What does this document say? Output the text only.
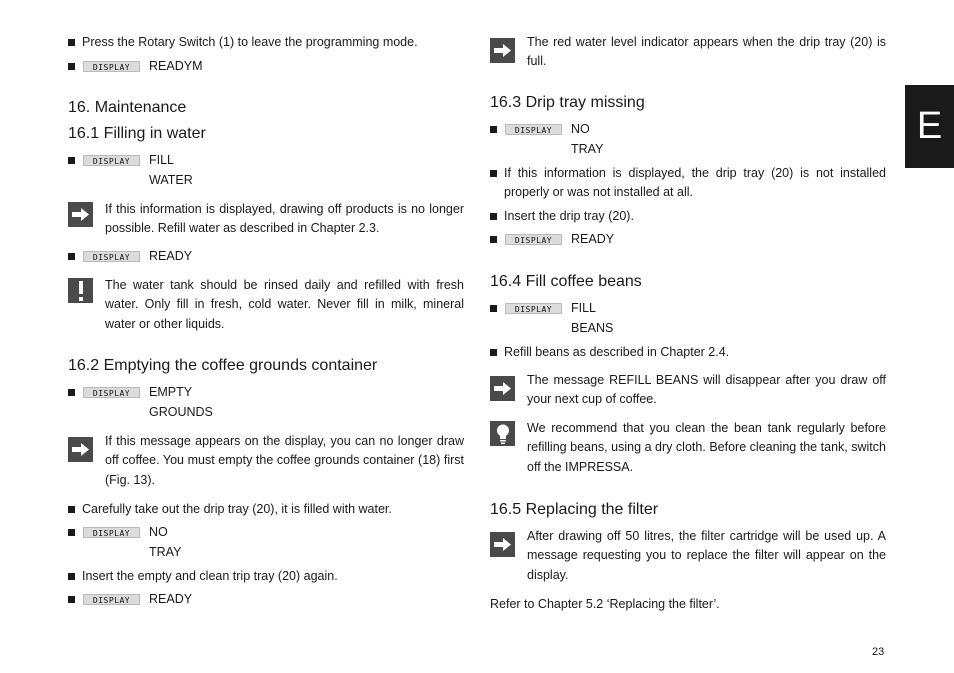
Press the Rotary Switch (1) to leave the programming mode.
DISPLAY	READYM
16. Maintenance
16.1 Filling in water
DISPLAY	FILL
WATER
If this information is displayed, drawing off products is no longer possible. Refill water as described in Chapter 2.3.
DISPLAY	READY
The water tank should be rinsed daily and refilled with fresh water. Only fill in fresh, cold water. Never fill in milk, mineral water or other liquids.
16.2 Emptying the coffee grounds container
DISPLAY	EMPTY
GROUNDS
If this message appears on the display, you can no longer draw off coffee. You must empty the coffee grounds container (18) first (Fig. 13).
Carefully take out the drip tray (20), it is filled with water.
DISPLAY	NO
TRAY
Insert the empty and clean trip tray (20) again.
DISPLAY	READY
The red water level indicator appears when the drip tray (20) is full.
16.3 Drip tray missing
DISPLAY	NO
TRAY
If this information is displayed, the drip tray (20) is not installed properly or was not installed at all.
Insert the drip tray (20).
DISPLAY	READY
16.4 Fill coffee beans
DISPLAY	FILL
BEANS
Refill beans as described in Chapter 2.4.
The message REFILL BEANS will disappear after you draw off your next cup of coffee.
We recommend that you clean the bean tank regularly before refilling beans, using a dry cloth. Before cleaning the tank, switch off the IMPRESSA.
16.5 Replacing the filter
After drawing off 50 litres, the filter cartridge will be used up. A message requesting you to replace the filter will appear on the display.
Refer to Chapter 5.2 ‘Replacing the filter’.
E
23
